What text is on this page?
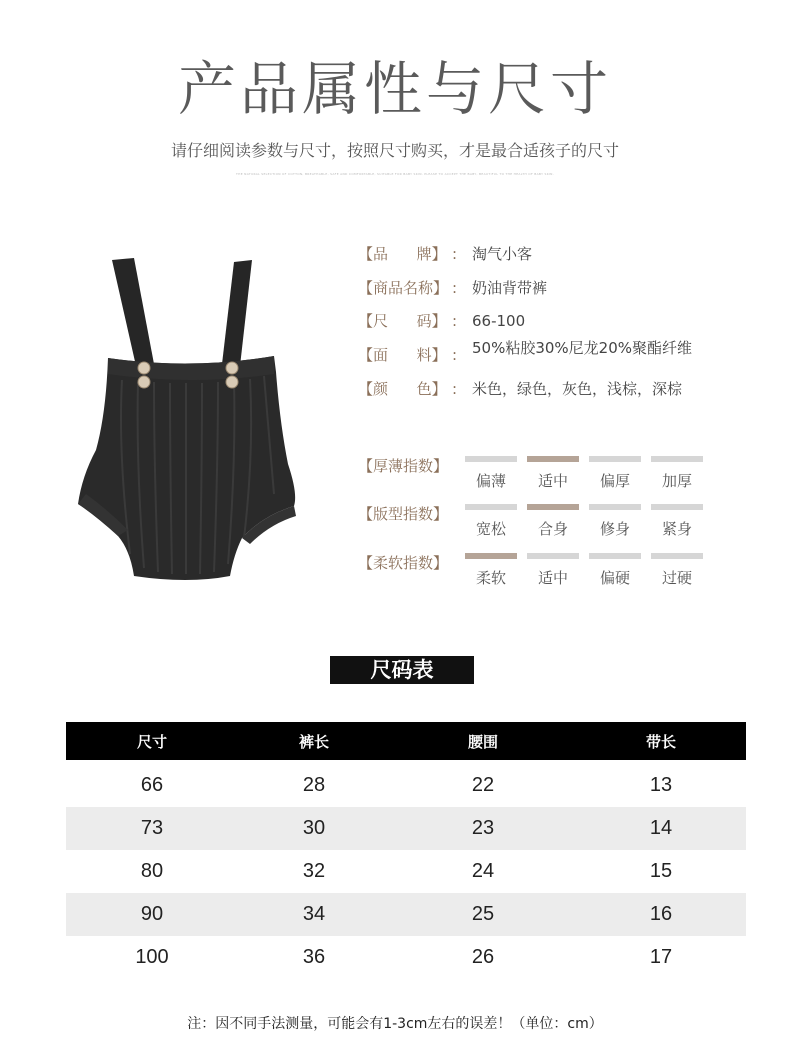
产品属性与尺寸
请仔细阅读参数与尺寸，按照尺寸购买，才是最合适孩子的尺寸
THE NATURAL SELECTION OF COTTON, BREATHABLE, SAFE AND COMFORTABLE, SUITABLE FOR BABY SKIN. PLEASE TO ACCEPT THE BABY, BEAUTIFUL TO THE HEALTH OF BABY SKIN.
【品      牌】 : 淘气小客
【商品名称】 : 奶油背带裤
【尺      码】 : 66-100
【面      料】 : 50%粘胶30%尼龙20%聚酯纤维
【颜      色】 : 米色，绿色，灰色，浅棕，深棕
【厚薄指数】
偏薄	适中	偏厚	加厚
【版型指数】
宽松	合身	修身	紧身
【柔软指数】
柔软	适中	偏硬	过硬
尺码表
尺寸	裤长	腰围	带长
66	28	22	13
73	30	23	14
80	32	24	15
90	34	25	16
100	36	26	17
注：因不同手法测量，可能会有1-3cm左右的误差！（单位：cm）
